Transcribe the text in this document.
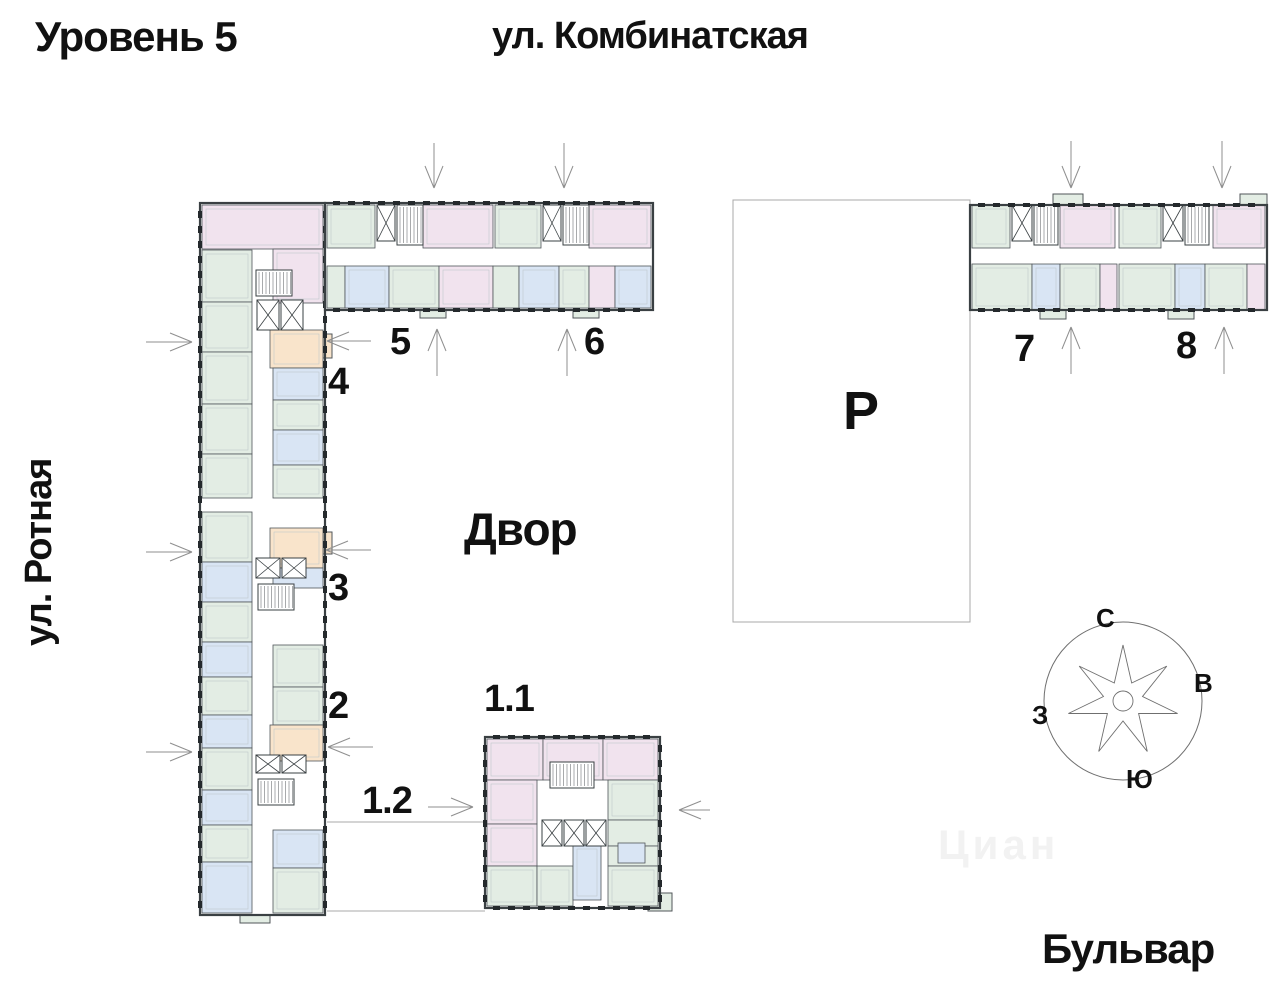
Уровень 5	ул. Комбинатская
ул. Ротная	Двор
Р
Бульвар
Циан
5	6
4
3
2	1.1
1.2
7	8
С
В
З
Ю
